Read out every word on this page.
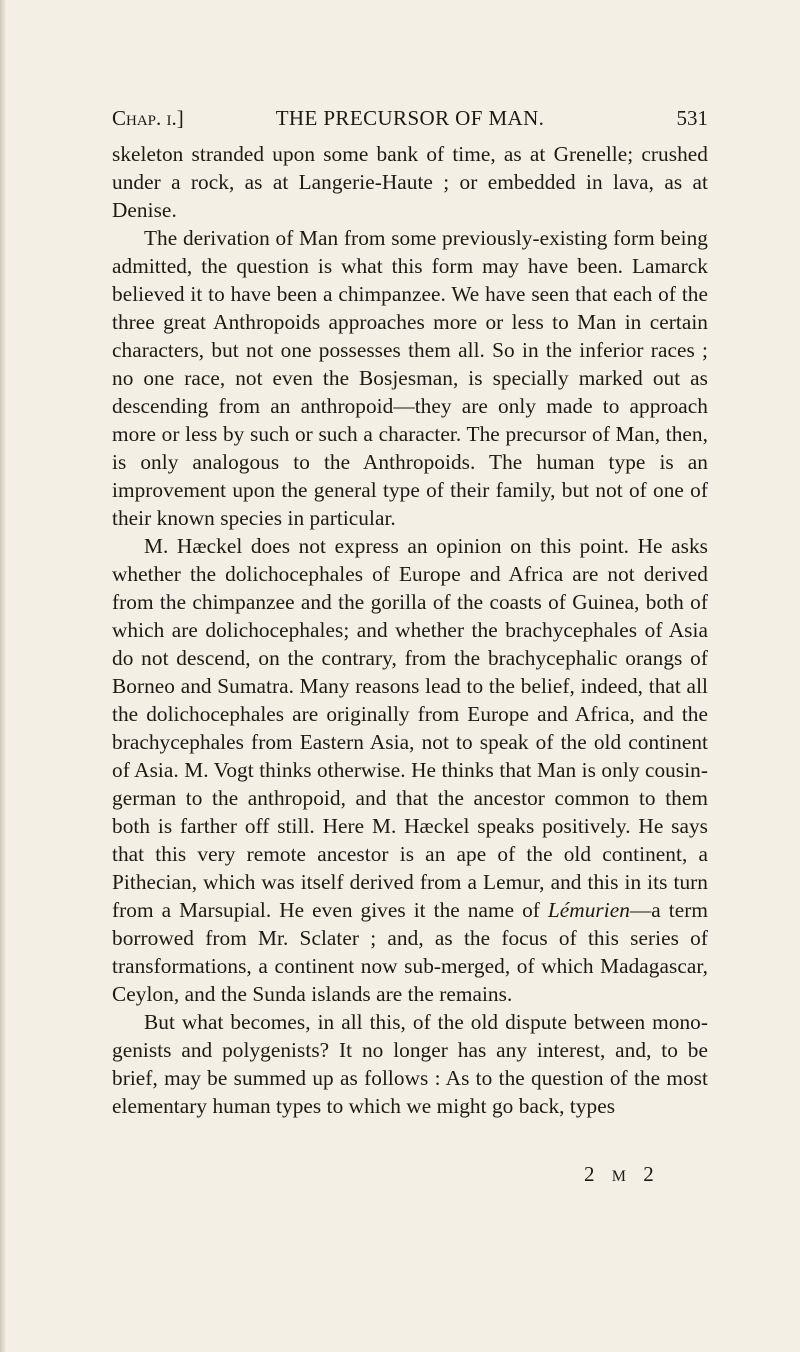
Chap. i.]	THE PRECURSOR OF MAN.	531

skeleton stranded upon some bank of time, as at Grenelle; crushed under a rock, as at Langerie-Haute ; or embedded in lava, as at Denise.

The derivation of Man from some previously-existing form being admitted, the question is what this form may have been. Lamarck believed it to have been a chimpanzee. We have seen that each of the three great Anthropoids approaches more or less to Man in certain characters, but not one possesses them all. So in the inferior races ; no one race, not even the Bosjesman, is specially marked out as descending from an anthropoid—they are only made to approach more or less by such or such a character. The precursor of Man, then, is only analogous to the Anthropoids. The human type is an improvement upon the general type of their family, but not of one of their known species in particular.

M. Hæckel does not express an opinion on this point. He asks whether the dolichocephales of Europe and Africa are not derived from the chimpanzee and the gorilla of the coasts of Guinea, both of which are dolichocephales; and whether the brachycephales of Asia do not descend, on the contrary, from the brachycephalic orangs of Borneo and Sumatra. Many reasons lead to the belief, indeed, that all the dolichocephales are originally from Europe and Africa, and the brachycephales from Eastern Asia, not to speak of the old continent of Asia. M. Vogt thinks otherwise. He thinks that Man is only cousin-german to the anthropoid, and that the ancestor common to them both is farther off still. Here M. Hæckel speaks positively. He says that this very remote ancestor is an ape of the old continent, a Pithecian, which was itself derived from a Lemur, and this in its turn from a Marsupial. He even gives it the name of Lémurien—a term borrowed from Mr. Sclater ; and, as the focus of this series of transformations, a continent now sub-merged, of which Madagascar, Ceylon, and the Sunda islands are the remains.

But what becomes, in all this, of the old dispute between mono-genists and polygenists? It no longer has any interest, and, to be brief, may be summed up as follows : As to the question of the most elementary human types to which we might go back, types

2 M 2
